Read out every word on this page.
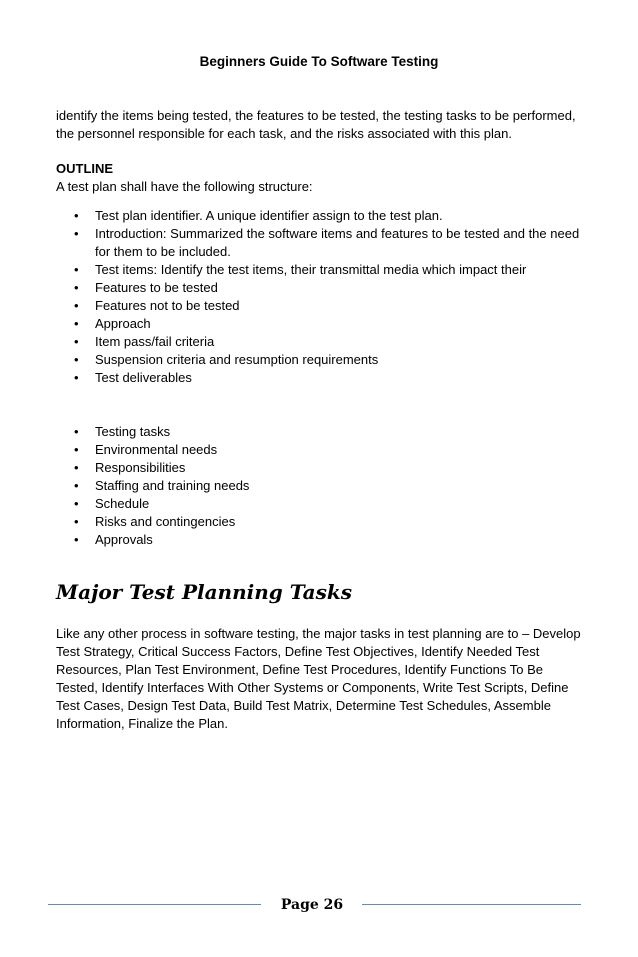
Beginners Guide To Software Testing

identify the items being tested, the features to be tested, the testing tasks to be performed, the personnel responsible for each task, and the risks associated with this plan.

OUTLINE

A test plan shall have the following structure:

• Test plan identifier. A unique identifier assign to the test plan.
• Introduction: Summarized the software items and features to be tested and the need for them to be included.
• Test items: Identify the test items, their transmittal media which impact their
• Features to be tested
• Features not to be tested
• Approach
• Item pass/fail criteria
• Suspension criteria and resumption requirements
• Test deliverables
• Testing tasks
• Environmental needs
• Responsibilities
• Staffing and training needs
• Schedule
• Risks and contingencies
• Approvals
Major Test Planning Tasks

Like any other process in software testing, the major tasks in test planning are to – Develop Test Strategy, Critical Success Factors, Define Test Objectives, Identify Needed Test Resources, Plan Test Environment, Define Test Procedures, Identify Functions To Be Tested, Identify Interfaces With Other Systems or Components, Write Test Scripts, Define Test Cases, Design Test Data, Build Test Matrix, Determine Test Schedules, Assemble Information, Finalize the Plan.

Page 26
